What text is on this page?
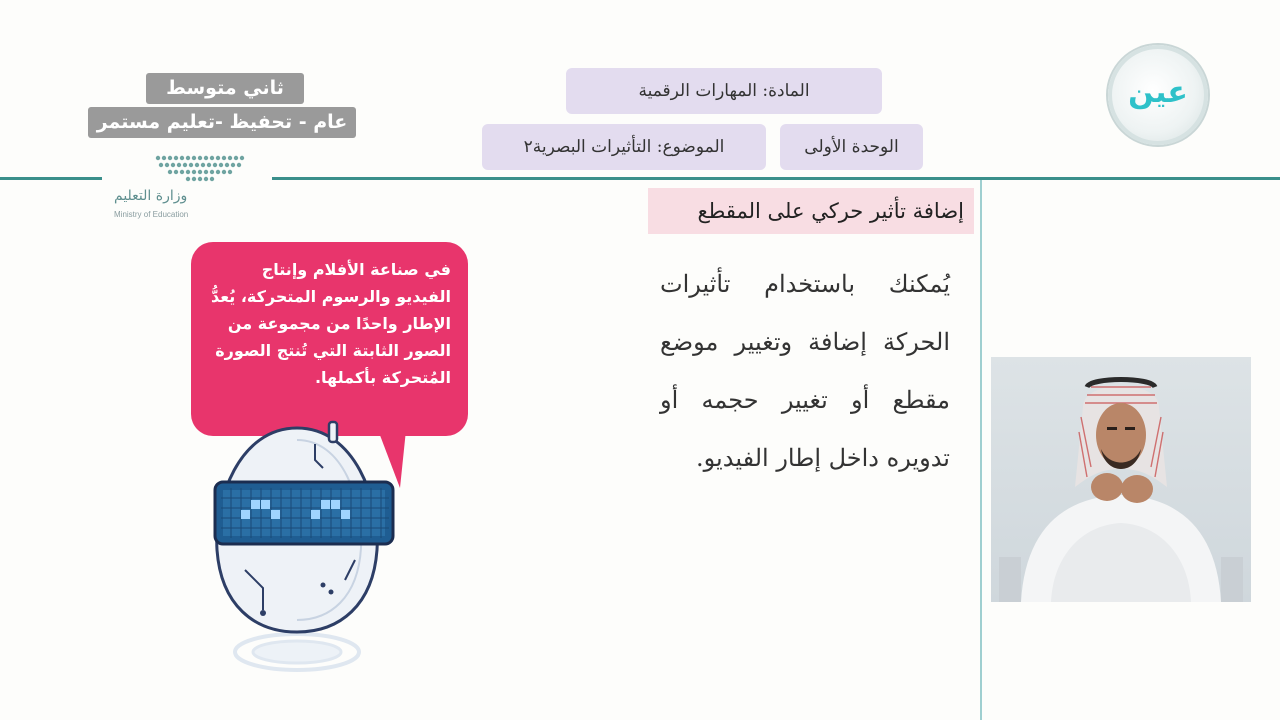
ثاني متوسط
عام - تحفيظ -تعليم مستمر
وزارة التعليم
Ministry of Education
المادة: المهارات الرقمية
الموضوع: التأثيرات البصرية٢	الوحدة الأولى
عين
إضافة تأثير حركي على المقطع
يُمكنك باستخدام تأثيرات الحركة إضافة وتغيير موضع مقطع أو تغيير حجمه أو تدويره داخل إطار الفيديو.
في صناعة الأفلام وإنتاج الفيديو والرسوم المتحركة، يُعدُّ الإطار واحدًا من مجموعة من الصور الثابتة التي تُنتج الصورة المُتحركة بأكملها.
